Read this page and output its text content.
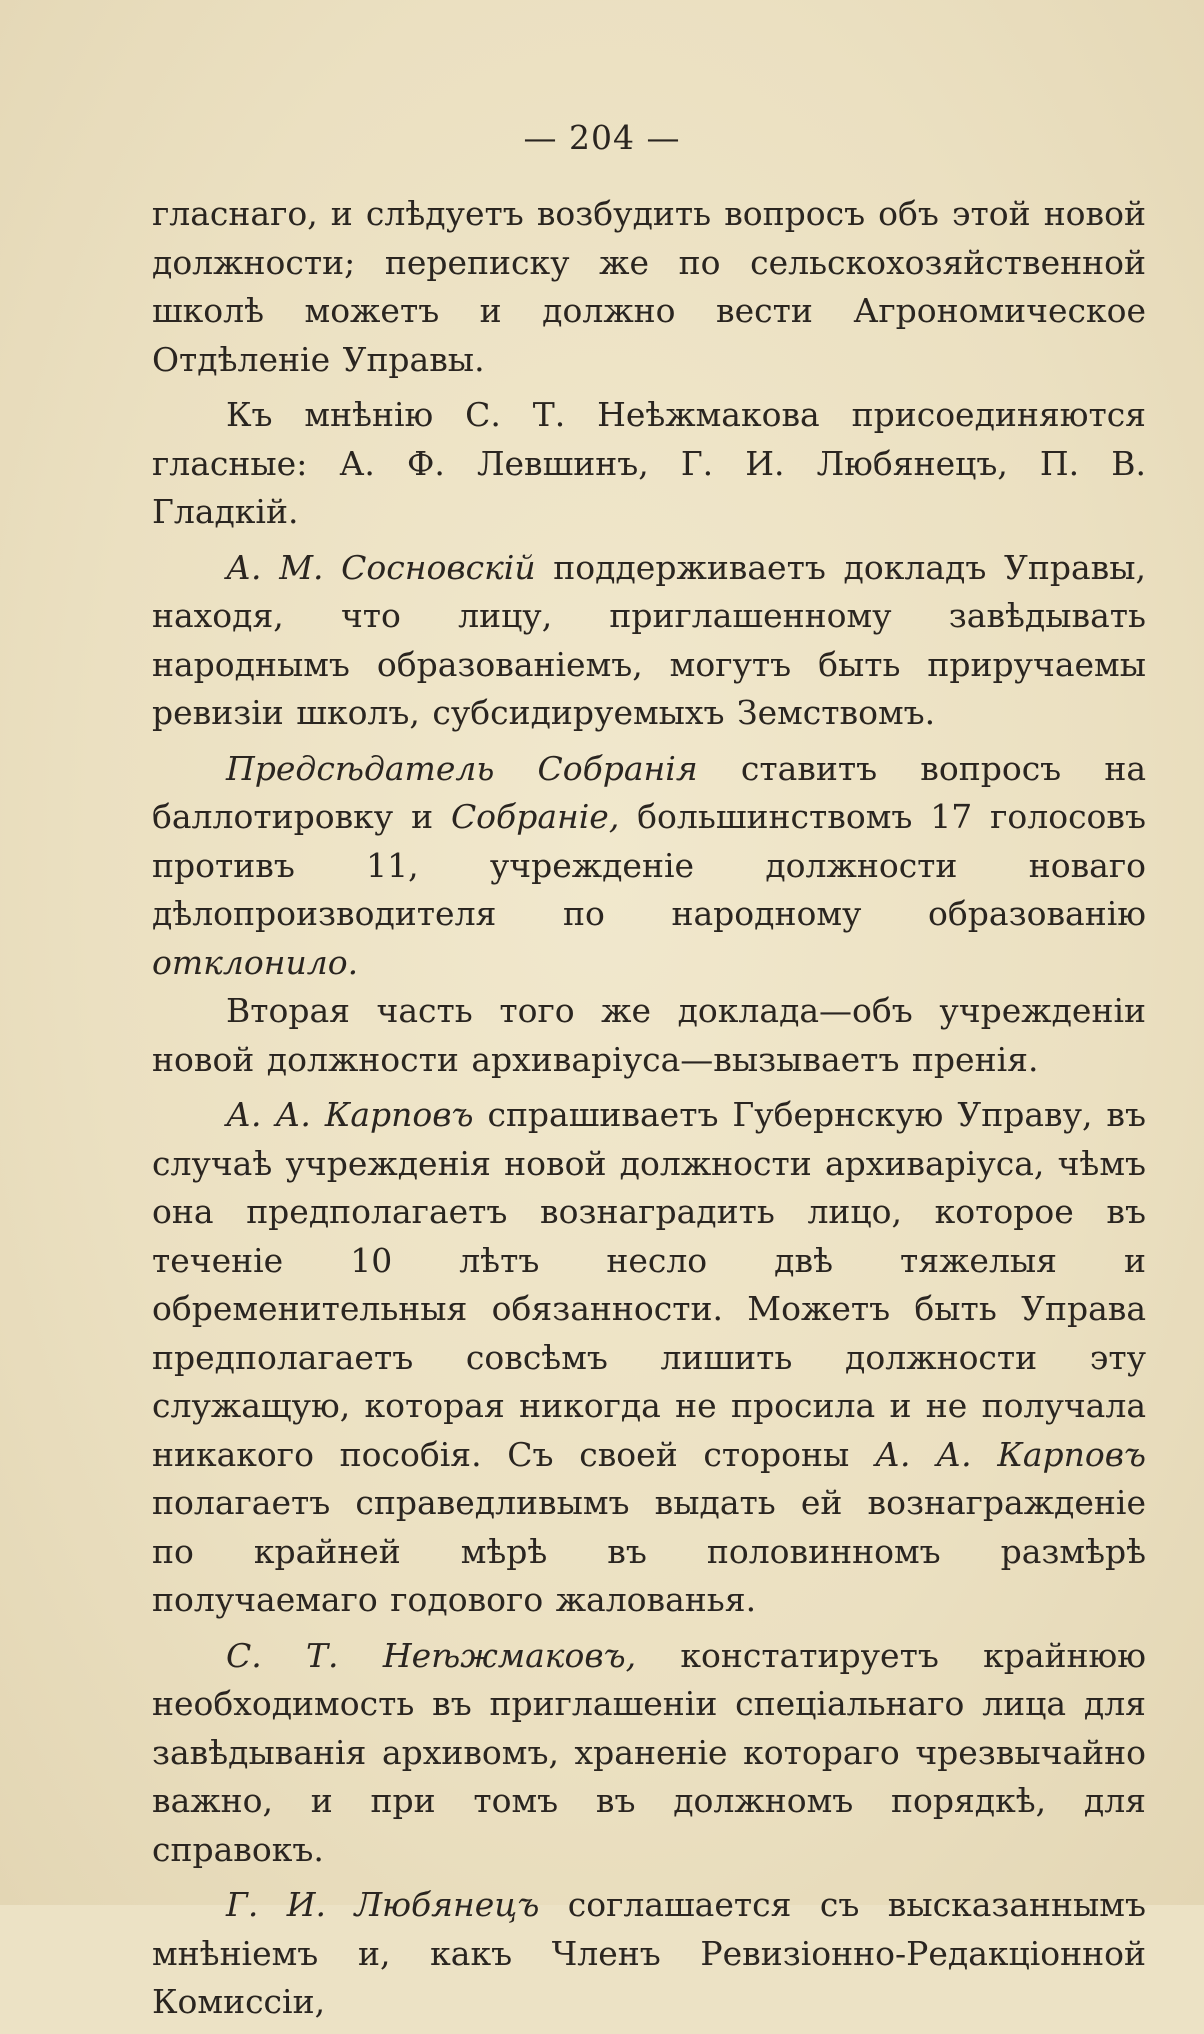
— 204 —

гласнаго, и слѣдуетъ возбудить вопросъ объ этой новой должности; переписку же по сельскохозяйственной школѣ можетъ и должно вести Агрономическое Отдѣленіе Управы.

Къ мнѣнію С. Т. Неѣжмакова присоединяются гласные: А. Ф. Левшинъ, Г. И. Любянецъ, П. В. Гладкій.

А. М. Сосновскій поддерживаетъ докладъ Управы, находя, что лицу, приглашенному завѣдывать народнымъ образованіемъ, могутъ быть приручаемы ревизіи школъ, субсидируемыхъ Земствомъ.

Предсѣдатель Собранія ставитъ вопросъ на баллотировку и Собраніе, большинствомъ 17 голосовъ противъ 11, учрежденіе должности новаго дѣлопроизводителя по народному образованію отклонило.

Вторая часть того же доклада—объ учрежденіи новой должности архиваріуса—вызываетъ пренія.

А. А. Карповъ спрашиваетъ Губернскую Управу, въ случаѣ учрежденія новой должности архиваріуса, чѣмъ она предполагаетъ вознаградить лицо, которое въ теченіе 10 лѣтъ несло двѣ тяжелыя и обременительныя обязанности. Можетъ быть Управа предполагаетъ совсѣмъ лишить должности эту служащую, которая никогда не просила и не получала никакого пособія. Съ своей стороны А. А. Карповъ полагаетъ справедливымъ выдать ей вознагражденіе по крайней мѣрѣ въ половинномъ размѣрѣ получаемаго годового жалованья.

С. Т. Неѣжмаковъ, констатируетъ крайнюю необходимость въ приглашеніи спеціальнаго лица для завѣдыванія архивомъ, храненіе котораго чрезвычайно важно, и при томъ въ должномъ порядкѣ, для справокъ.

Г. И. Любянецъ соглашается съ высказаннымъ мнѣніемъ и, какъ Членъ Ревизіонно-Редакціонной Комиссіи,
